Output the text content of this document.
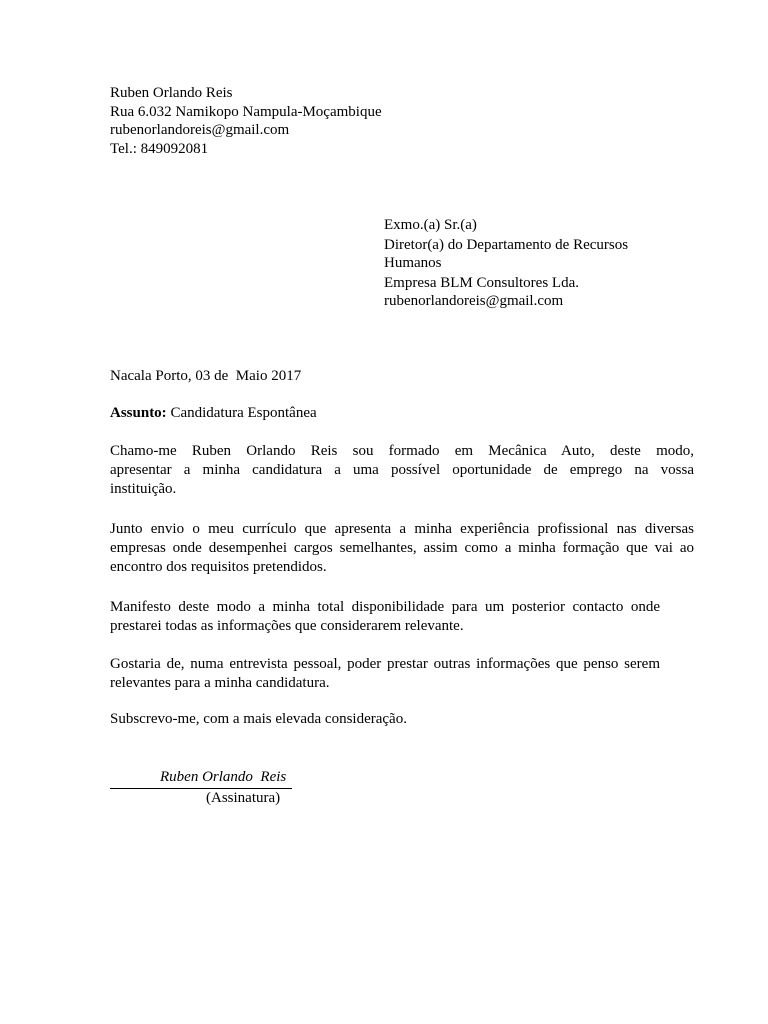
Ruben Orlando Reis
Rua 6.032 Namikopo Nampula-Moçambique
rubenorlandoreis@gmail.com
Tel.: 849092081
Exmo.(a) Sr.(a)
Diretor(a) do Departamento de Recursos
Humanos
Empresa BLM Consultores Lda.
rubenorlandoreis@gmail.com
Nacala Porto, 03 de  Maio 2017
Assunto: Candidatura Espontânea
Chamo-me Ruben Orlando Reis sou formado em Mecânica Auto, deste modo,
apresentar a minha candidatura a uma possível oportunidade de emprego na vossa
instituição.
Junto envio o meu currículo que apresenta a minha experiência profissional nas diversas
empresas onde desempenhei cargos semelhantes, assim como a minha formação que vai ao
encontro dos requisitos pretendidos.
Manifesto deste modo a minha total disponibilidade para um posterior contacto onde
prestarei todas as informações que considerarem relevante.
Gostaria de, numa entrevista pessoal, poder prestar outras informações que penso serem
relevantes para a minha candidatura.
Subscrevo-me, com a mais elevada consideração.
Ruben Orlando  Reis
(Assinatura)
